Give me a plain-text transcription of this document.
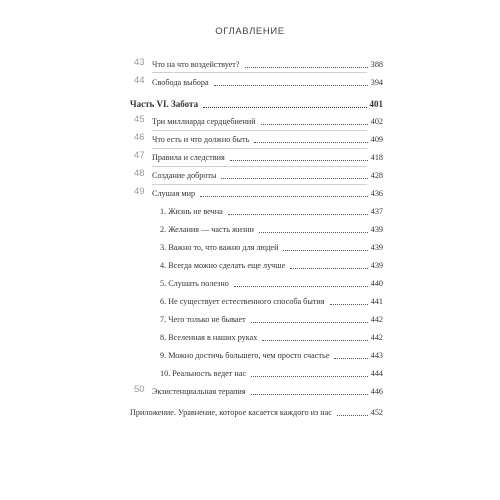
ОГЛАВЛЕНИЕ
43 Что на что воздействует?	388
44 Свобода выбора	394
Часть VI. Забота	401
45 Три миллиарда сердцебиений	402
46 Что есть и что должно быть	409
47 Правила и следствия	418
48 Создание доброты	428
49 Слушая мир	436
1. Жизнь не вечна	437
2. Желания — часть жизни	439
3. Важно то, что важно для людей	439
4. Всегда можно сделать еще лучше	439
5. Слушать полезно	440
6. Не существует естественного способа бытия	441
7. Чего только не бывает	442
8. Вселенная в наших руках	442
9. Можно достичь большего, чем просто счастье	443
10. Реальность ведет нас	444
50 Экзистенциальная терапия	446
Приложение. Уравнение, которое касается каждого из нас	452
